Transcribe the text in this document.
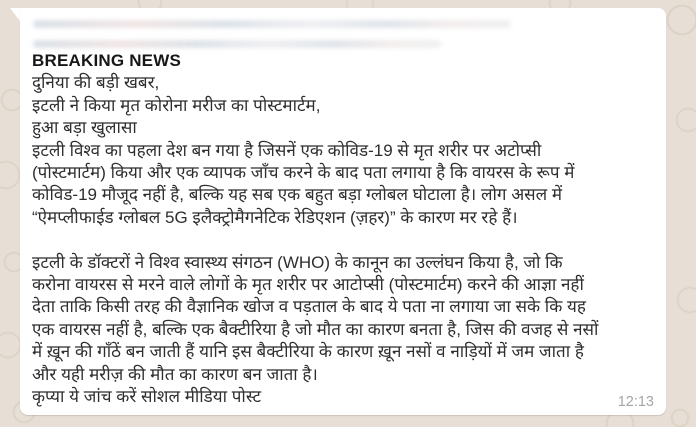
BREAKING NEWS
दुनिया की बड़ी खबर,
इटली ने किया मृत कोरोना मरीज का पोस्टमार्टम,
हुआ बड़ा खुलासा
इटली विश्व का पहला देश बन गया है जिसनें एक कोविड-19 से मृत शरीर पर अटोप्सी
(पोस्टमार्टम) किया और एक व्यापक जाँच करने के बाद पता लगाया है कि वायरस के रूप में
कोविड-19 मौजूद नहीं है, बल्कि यह सब एक बहुत बड़ा ग्लोबल घोटाला है। लोग असल में
“ऐमप्लीफाईड ग्लोबल 5G इलैक्ट्रोमैगनेटिक रेडिएशन (ज़हर)” के कारण मर रहे हैं।
इटली के डॉक्टरों ने विश्व स्वास्थ्य संगठन (WHO) के कानून का उल्लंघन किया है, जो कि
करोना वायरस से मरने वाले लोगों के मृत शरीर पर आटोप्सी (पोस्टमार्टम) करने की आज्ञा नहीं
देता ताकि किसी तरह की वैज्ञानिक खोज व पड़ताल के बाद ये पता ना लगाया जा सके कि यह
एक वायरस नहीं है, बल्कि एक बैक्टीरिया है जो मौत का कारण बनता है, जिस की वजह से नसों
में ख़ून की गाँठें बन जाती हैं यानि इस बैक्टीरिया के कारण ख़ून नसों व नाड़ियों में जम जाता है
और यही मरीज़ की मौत का कारण बन जाता है।
कृप्या ये जांच करें सोशल मीडिया पोस्ट	12:13
